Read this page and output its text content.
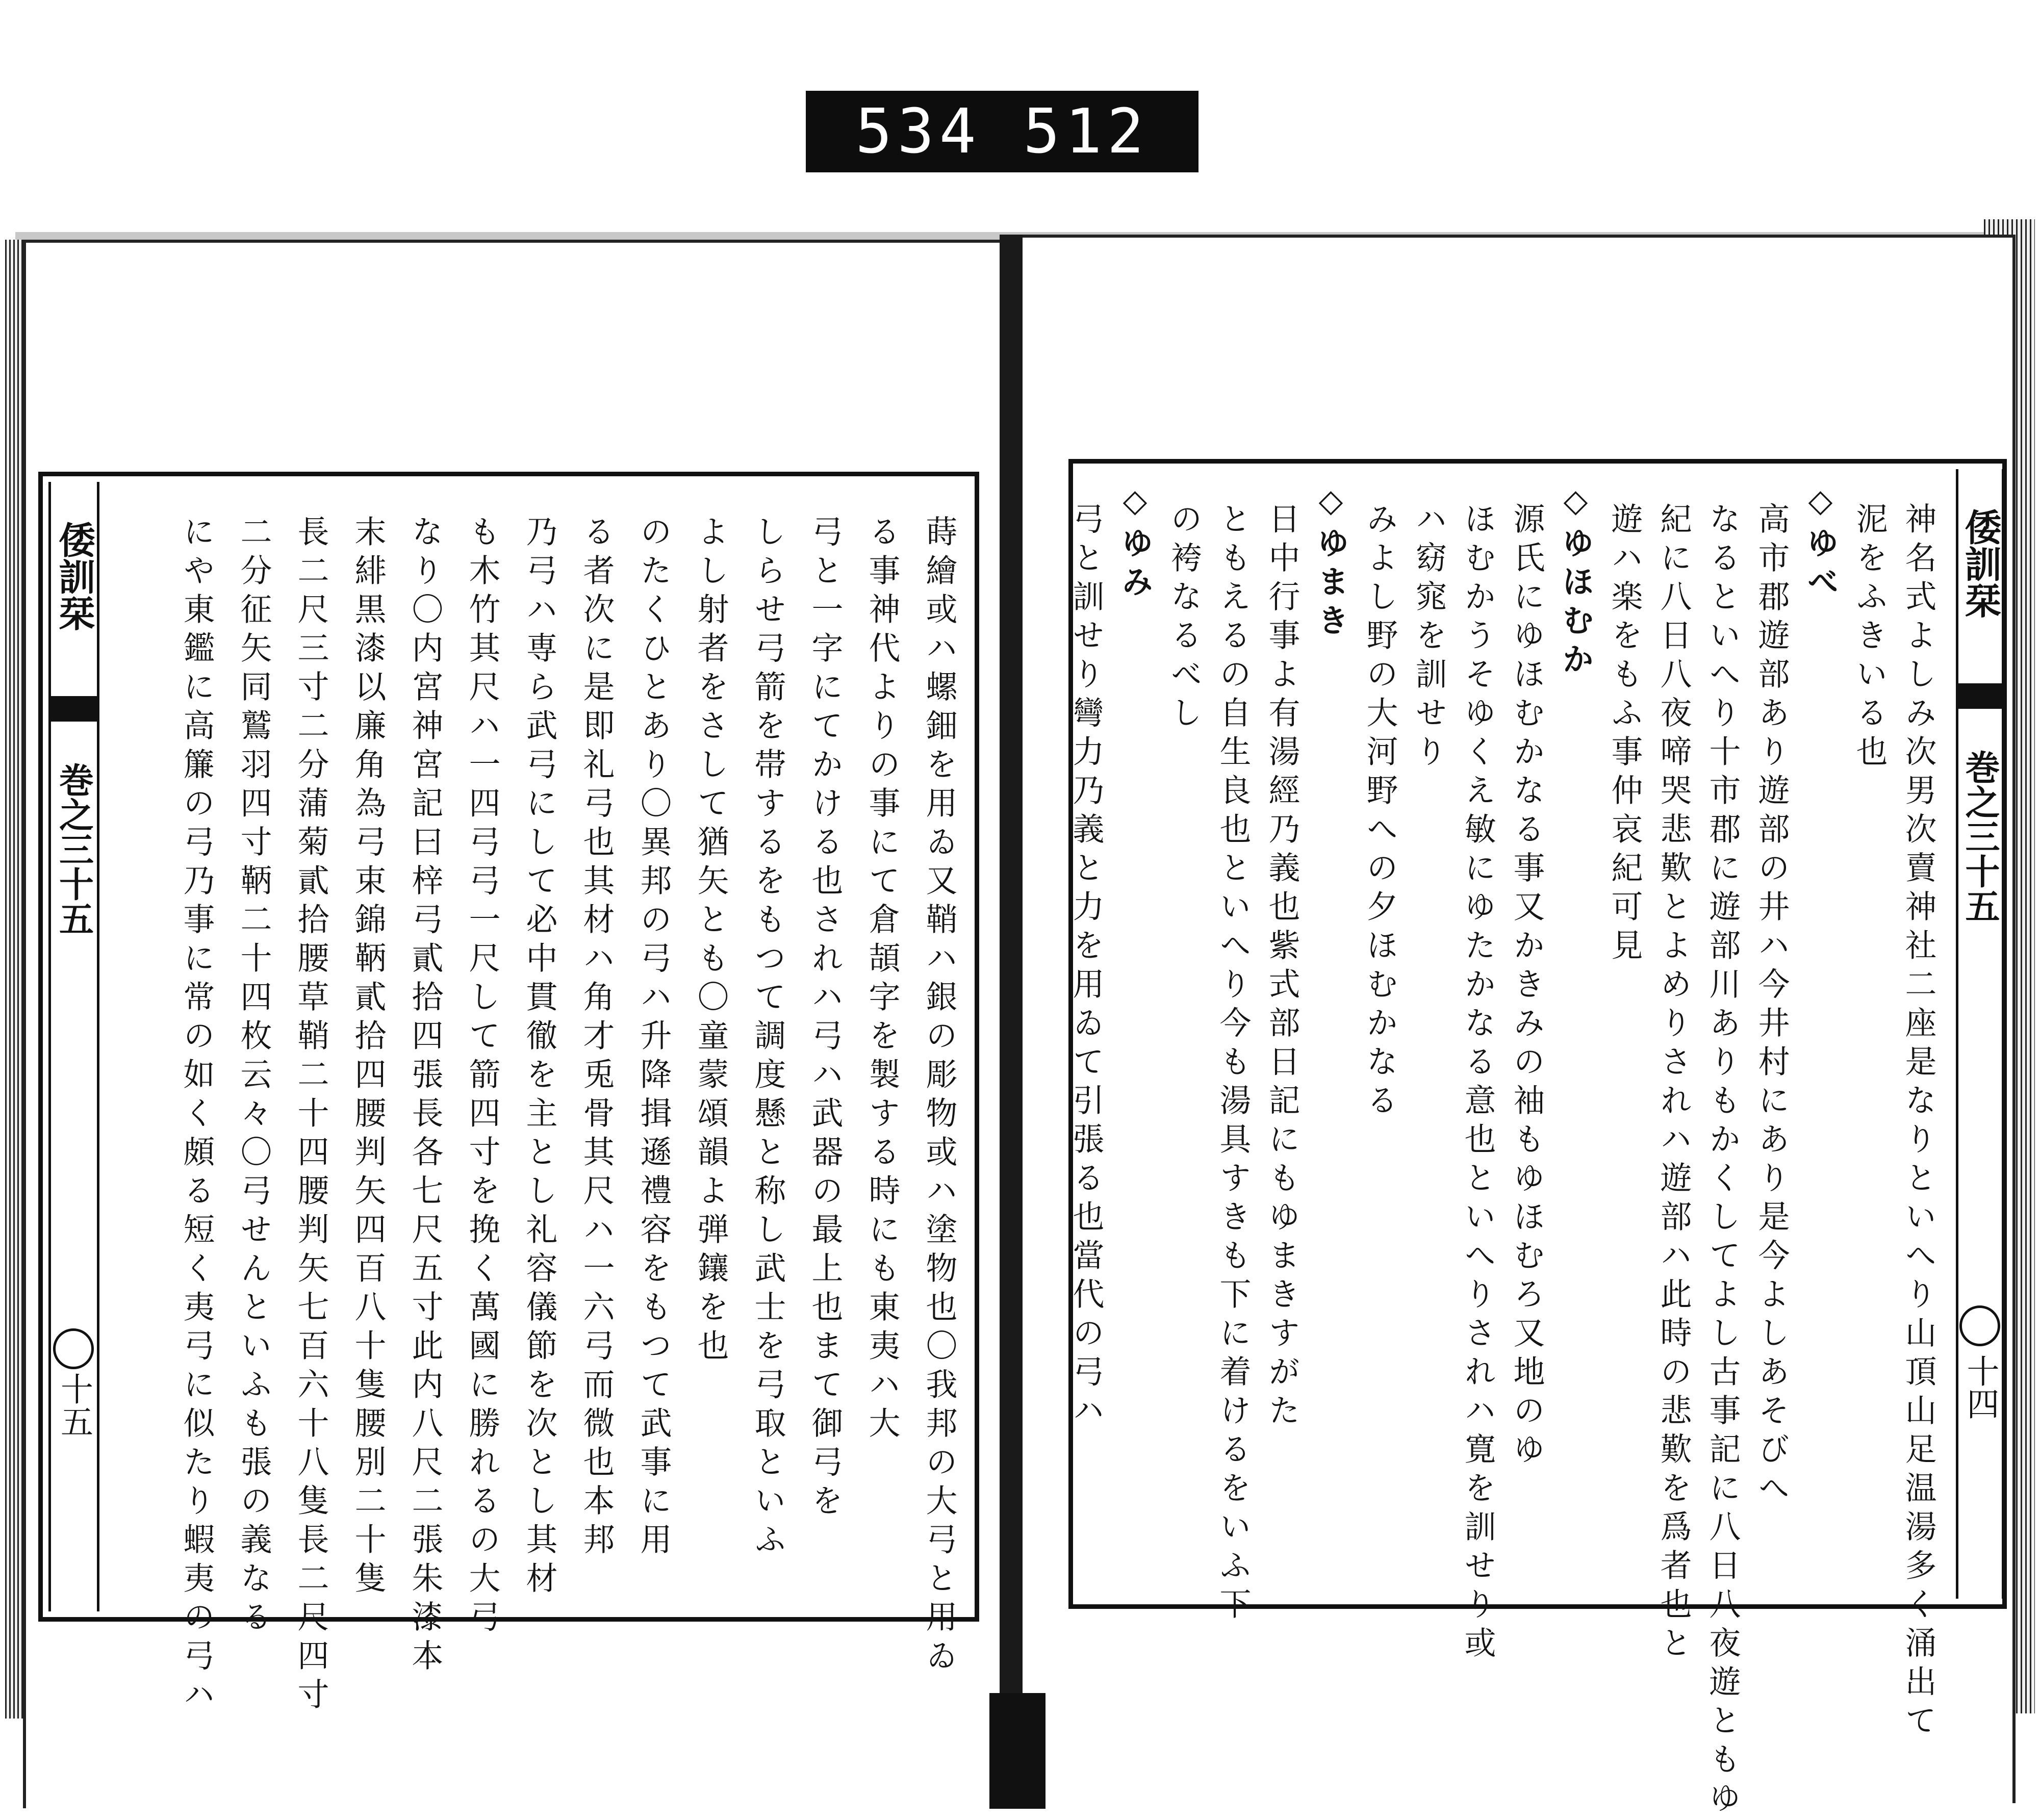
534 512
倭訓栞
巻之三十五
十五	蒔繪或ハ螺鈿を用ゐ又鞘ハ銀の彫物或ハ塗物也〇我邦の大弓と用ゐ
る事神代よりの事にて倉頡字を製する時にも東夷ハ大
弓と一字にてかける也されハ弓ハ武器の最上也まて御弓を
しらせ弓箭を帯するをもつて調度懸と称し武士を弓取といふ
よし射者をさして猶矢とも〇童蒙頌韻よ弾鑲を也
のたくひとあり〇異邦の弓ハ升降揖遜禮容をもつて武事に用
る者次に是即礼弓也其材ハ角才兎骨其尺ハ一六弓而微也本邦
乃弓ハ専ら武弓にして必中貫徹を主とし礼容儀節を次とし其材
も木竹其尺ハ一四弓弓一尺して箭四寸を挽く萬國に勝れるの大弓
なり〇内宮神宮記曰梓弓貳拾四張長各七尺五寸此内八尺二張朱漆本
末緋黒漆以廉角為弓束錦鞆貳拾四腰判矢四百八十隻腰別二十隻
長二尺三寸二分蒲菊貳拾腰草鞘二十四腰判矢七百六十八隻長二尺四寸
二分征矢同鷲羽四寸鞆二十四枚云々〇弓せんといふも張の義なる
にや東鑑に高簾の弓乃事に常の如く頗る短く夷弓に似たり蝦夷の弓ハ	倭訓栞
巻之三十五
十四
神名式よしみ次男次賣神社二座是なりといへり山頂山足温湯多く涌出て
泥をふきいる也
◇ゆべ
高市郡遊部あり遊部の井ハ今井村にあり是今よしあそびへ
なるといへり十市郡に遊部川ありもかくしてよし古事記に八日八夜遊ともゆ
紀に八日八夜啼哭悲歎とよめりされハ遊部ハ此時の悲歎を爲者也と
遊ハ楽をもふ事仲哀紀可見
◇ゆほむか
源氏にゆほむかなる事又かきみの袖もゆほむろ又地のゆ
ほむかうそゆくえ敏にゆたかなる意也といへりされハ寛を訓せり或
ハ窈窕を訓せり
みよし野の大河野への夕ほむかなる
◇ゆまき
日中行事よ有湯經乃義也紫式部日記にもゆまきすがた
ともえるの自生良也といへり今も湯具すきも下に着けるをいふ下
の袴なるべし
◇ゆみ
弓と訓せり彎力乃義と力を用ゐて引張る也當代の弓ハ
